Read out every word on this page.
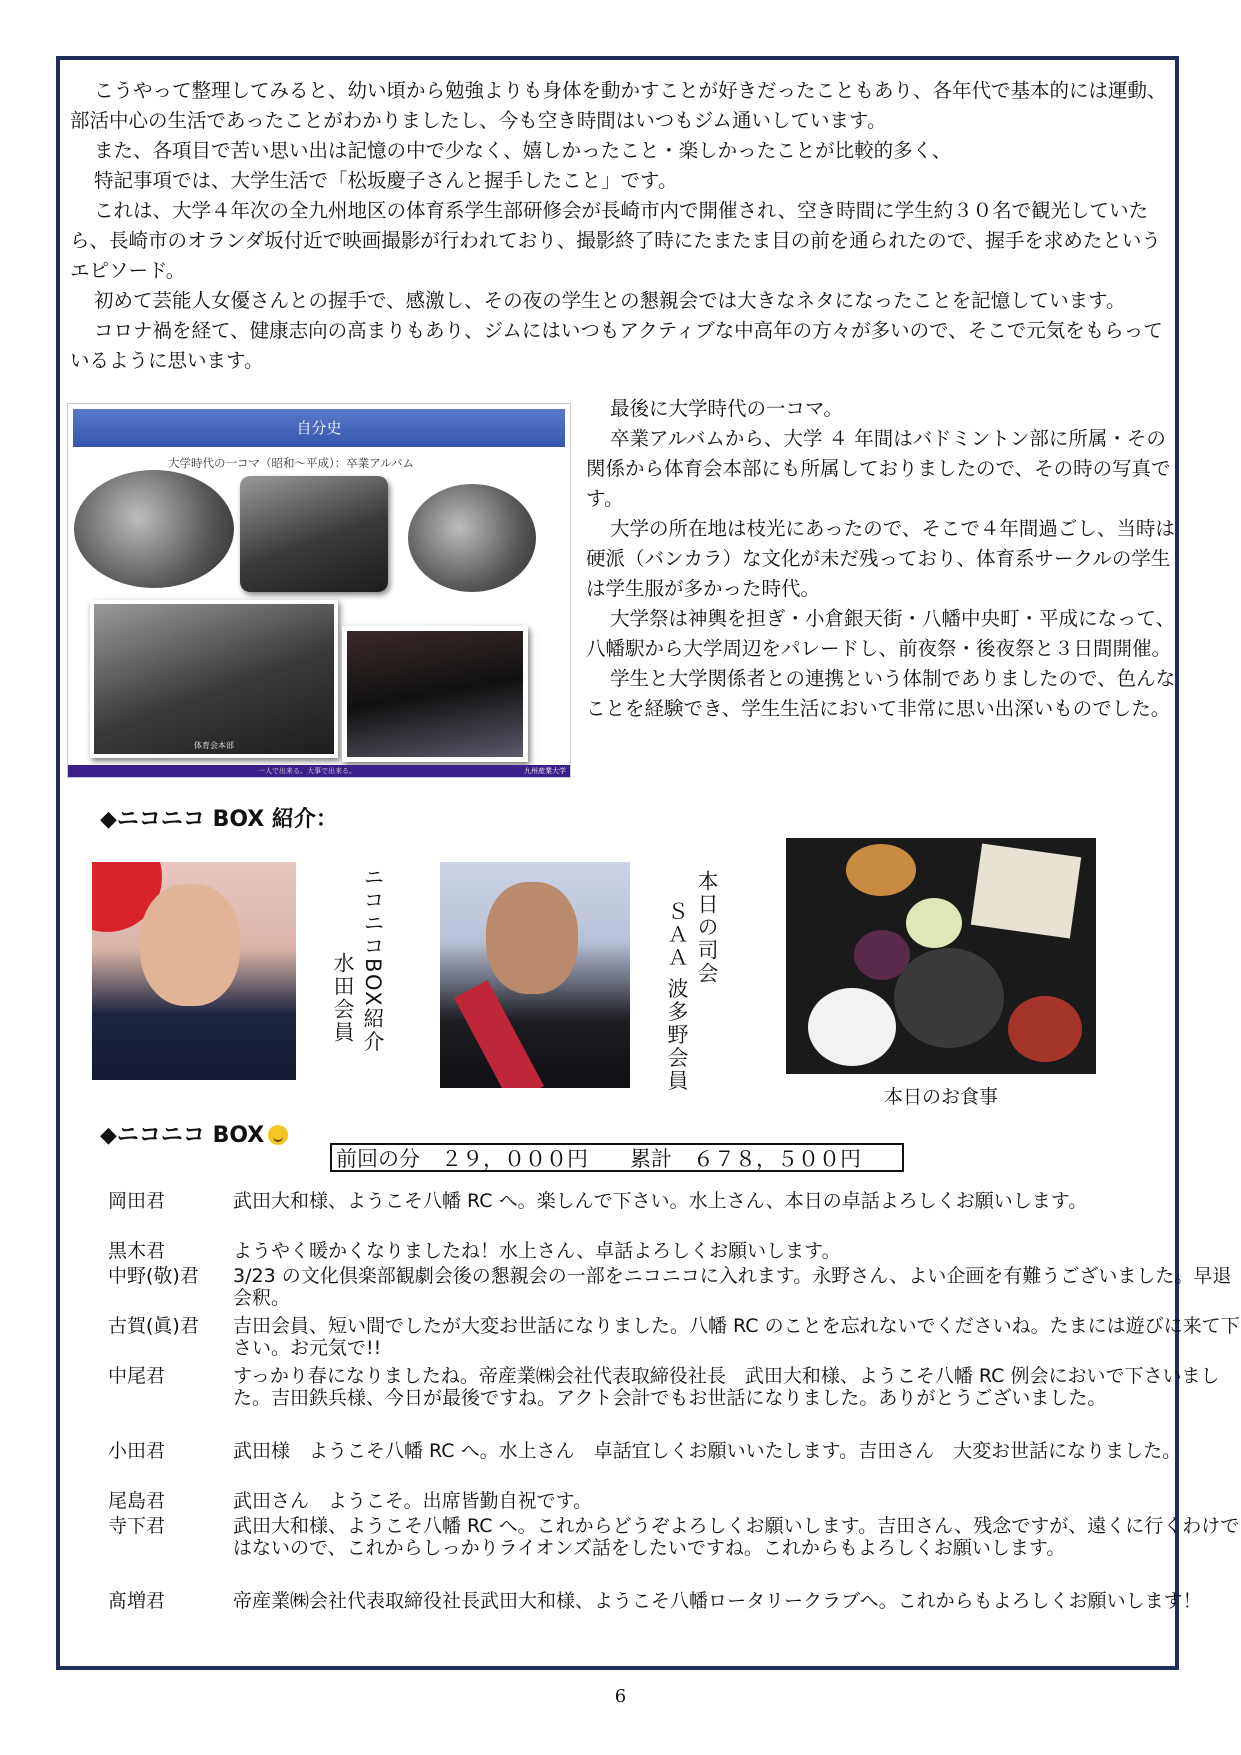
こうやって整理してみると、幼い頃から勉強よりも身体を動かすことが好きだったこともあり、各年代で基本的には運動、部活中心の生活であったことがわかりましたし、今も空き時間はいつもジム通いしています。

また、各項目で苦い思い出は記憶の中で少なく、嬉しかったこと・楽しかったことが比較的多く、

特記事項では、大学生活で「松坂慶子さんと握手したこと」です。

これは、大学４年次の全九州地区の体育系学生部研修会が長崎市内で開催され、空き時間に学生約３０名で観光していたら、長崎市のオランダ坂付近で映画撮影が行われており、撮影終了時にたまたま目の前を通られたので、握手を求めたというエピソード。

初めて芸能人女優さんとの握手で、感激し、その夜の学生との懇親会では大きなネタになったことを記憶しています。

コロナ禍を経て、健康志向の高まりもあり、ジムにはいつもアクティブな中高年の方々が多いので、そこで元気をもらっているように思います。

自分史
大学時代の一コマ（昭和〜平成）：卒業アルバム
体育会本部
一人で出来る。大事で出来る。	九州産業大学

最後に大学時代の一コマ。

卒業アルバムから、大学 ４ 年間はバドミントン部に所属・その関係から体育会本部にも所属しておりましたので、その時の写真です。

大学の所在地は枝光にあったので、そこで４年間過ごし、当時は硬派（バンカラ）な文化が未だ残っており、体育系サークルの学生は学生服が多かった時代。

大学祭は神輿を担ぎ・小倉銀天街・八幡中央町・平成になって、八幡駅から大学周辺をパレードし、前夜祭・後夜祭と３日間開催。

学生と大学関係者との連携という体制でありましたので、色んなことを経験でき、学生生活において非常に思い出深いものでした。

◆ニコニコ BOX 紹介：
ニコニコBOX紹介
水田会員
本日の司会
ＳＡＡ 波多野会員
本日のお食事
◆ニコニコ BOX
前回の分　２９，０００円　　累計　６７８，５００円
岡田君	武田大和様、ようこそ八幡 RC へ。楽しんで下さい。水上さん、本日の卓話よろしくお願いします。
黒木君	ようやく暖かくなりましたね！水上さん、卓話よろしくお願いします。
中野(敬)君	3/23 の文化倶楽部観劇会後の懇親会の一部をニコニコに入れます。永野さん、よい企画を有難うございました。早退会釈。
古賀(眞)君	吉田会員、短い間でしたが大変お世話になりました。八幡 RC のことを忘れないでくださいね。たまには遊びに来て下さい。お元気で!!
中尾君	すっかり春になりましたね。帝産業㈱会社代表取締役社長　武田大和様、ようこそ八幡 RC 例会においで下さいました。吉田鉄兵様、今日が最後ですね。アクト会計でもお世話になりました。ありがとうございました。
小田君	武田様　ようこそ八幡 RC へ。水上さん　卓話宜しくお願いいたします。吉田さん　大変お世話になりました。
尾島君	武田さん　ようこそ。出席皆勤自祝です。
寺下君	武田大和様、ようこそ八幡 RC へ。これからどうぞよろしくお願いします。吉田さん、残念ですが、遠くに行くわけではないので、これからしっかりライオンズ話をしたいですね。これからもよろしくお願いします。
髙増君	帝産業㈱会社代表取締役社長武田大和様、ようこそ八幡ロータリークラブへ。これからもよろしくお願いします！
6
